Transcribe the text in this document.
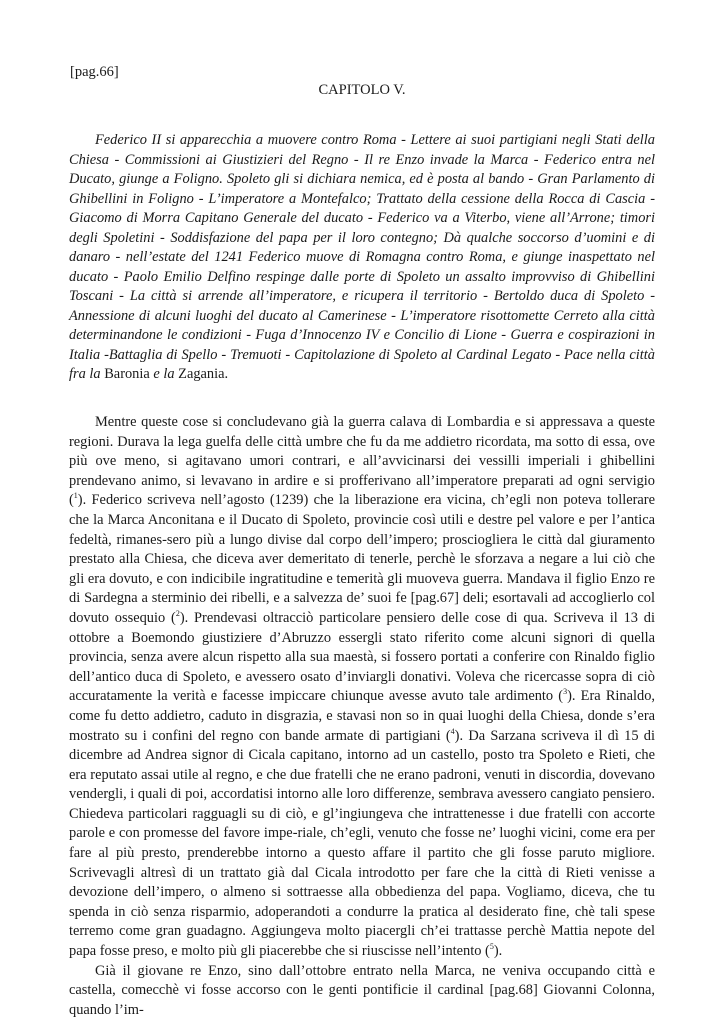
[pag.66]
CAPITOLO V.

Federico II si apparecchia a muovere contro Roma - Lettere ai suoi partigiani negli Stati della Chiesa - Commissioni ai Giustizieri del Regno - Il re Enzo invade la Marca - Federico entra nel Ducato, giunge a Foligno. Spoleto gli si dichiara nemica, ed è posta al bando - Gran Parlamento di Ghibellini in Foligno - L’imperatore a Montefalco; Trattato della cessione della Rocca di Cascia - Giacomo di Morra Capitano Generale del ducato - Federico va a Viterbo, viene all’Arrone; timori degli Spoletini - Soddisfazione del papa per il loro contegno; Dà qualche soccorso d’uomini e di danaro - nell’estate del 1241 Federico muove di Romagna contro Roma, e giunge inaspettato nel ducato - Paolo Emilio Delfino respinge dalle porte di Spoleto un assalto improvviso di Ghibellini Toscani - La città si arrende all’imperatore, e ricupera il territorio - Bertoldo duca di Spoleto - Annessione di alcuni luoghi del ducato al Camerinese - L’imperatore risottomette Cerreto alla città determinandone le condizioni - Fuga d’Innocenzo IV e Concilio di Lione - Guerra e cospirazioni in Italia -Battaglia di Spello - Tremuoti - Capitolazione di Spoleto al Cardinal Legato - Pace nella città fra la Baronia e la Zagania.

Mentre queste cose si concludevano già la guerra calava di Lombardia e si appressava a queste regioni. Durava la lega guelfa delle città umbre che fu da me addietro ricordata, ma sotto di essa, ove più ove meno, si agitavano umori contrari, e all’avvicinarsi dei vessilli imperiali i ghibellini prendevano animo, si levavano in ardire e si profferivano all’imperatore preparati ad ogni servigio ($^1$). Federico scriveva nell’agosto (1239) che la liberazione era vicina, ch’egli non poteva tollerare che la Marca Anconitana e il Ducato di Spoleto, provincie così utili e destre pel valore e per l’antica fedeltà, rimanes-sero più a lungo divise dal corpo dell’impero; prosciogliera le città dal giuramento prestato alla Chiesa, che diceva aver demeritato di tenerle, perchè le sforzava a negare a lui ciò che gli era dovuto, e con indicibile ingratitudine e temerità gli muoveva guerra. Mandava il figlio Enzo re di Sardegna a sterminio dei ribelli, e a salvezza de’ suoi fe [pag.67] deli; esortavali ad accoglierlo col dovuto ossequio ($^2$). Prendevasi oltracciò particolare pensiero delle cose di qua. Scriveva il 13 di ottobre a Boemondo giustiziere d’Abruzzo essergli stato riferito come alcuni signori di quella provincia, senza avere alcun rispetto alla sua maestà, si fossero portati a conferire con Rinaldo figlio dell’antico duca di Spoleto, e avessero osato d’inviargli donativi. Voleva che ricercasse sopra di ciò accuratamente la verità e facesse impiccare chiunque avesse avuto tale ardimento ($^3$). Era Rinaldo, come fu detto addietro, caduto in disgrazia, e stavasi non so in quai luoghi della Chiesa, donde s’era mostrato su i confini del regno con bande armate di partigiani ($^4$). Da Sarzana scriveva il dì 15 di dicembre ad Andrea signor di Cicala capitano, intorno ad un castello, posto tra Spoleto e Rieti, che era reputato assai utile al regno, e che due fratelli che ne erano padroni, venuti in discordia, dovevano vendergli, i quali di poi, accordatisi intorno alle loro differenze, sembrava avessero cangiato pensiero. Chiedeva particolari ragguagli su di ciò, e gl’ingiungeva che intrattenesse i due fratelli con accorte parole e con promesse del favore impe-riale, ch’egli, venuto che fosse ne’ luoghi vicini, come era per fare al più presto, prenderebbe intorno a questo affare il partito che gli fosse paruto migliore. Scrivevagli altresì di un trattato già dal Cicala introdotto per fare che la città di Rieti venisse a devozione dell’impero, o almeno si sottraesse alla obbedienza del papa. Vogliamo, diceva, che tu spenda in ciò senza risparmio, adoperandoti a condurre la pratica al desiderato fine, chè tali spese terremo come gran guadagno. Aggiungeva molto piacergli ch’ei trattasse perchè Mattia nepote del papa fosse preso, e molto più gli piacerebbe che si riuscisse nell’intento ($^5$).

Già il giovane re Enzo, sino dall’ottobre entrato nella Marca, ne veniva occupando città e castella, comecchè vi fosse accorso con le genti pontificie il cardinal [pag.68] Giovanni Colonna, quando l’im-
